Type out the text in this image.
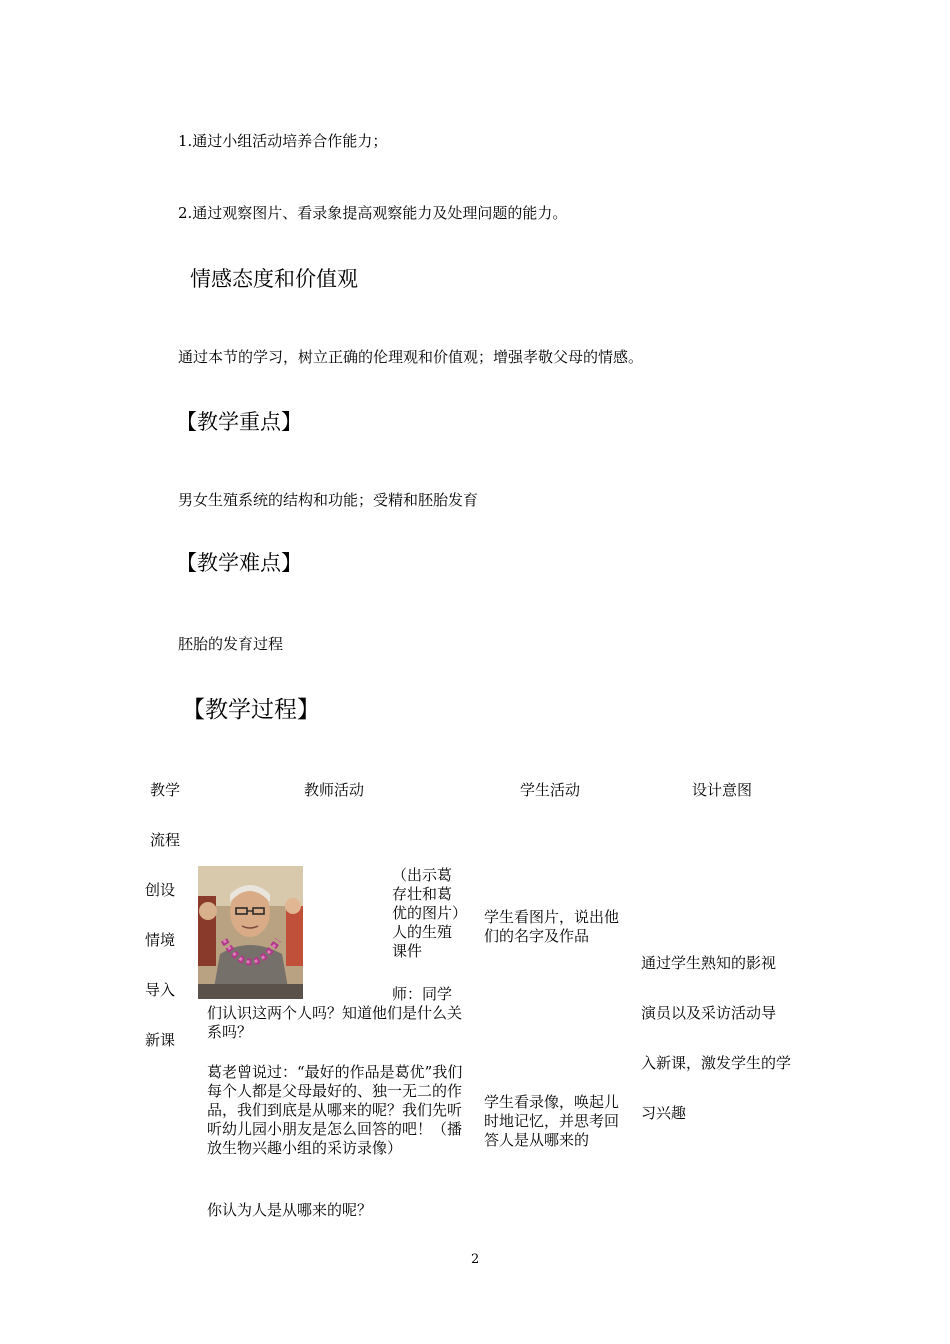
1.通过小组活动培养合作能力；
2.通过观察图片、看录象提高观察能力及处理问题的能力。
情感态度和价值观
通过本节的学习，树立正确的伦理观和价值观；增强孝敬父母的情感。
【教学重点】
男女生殖系统的结构和功能；受精和胚胎发育
【教学难点】
胚胎的发育过程
【教学过程】
教学
流程
教师活动	学生活动	设计意图
创设
情境
导入
新课
（出示葛存壮和葛优的图片）人的生殖课件
师：同学
们认识这两个人吗？知道他们是什么关系吗？
葛老曾说过：“最好的作品是葛优”我们每个人都是父母最好的、独一无二的作品，我们到底是从哪来的呢？我们先听听幼儿园小朋友是怎么回答的吧！（播放生物兴趣小组的采访录像）
你认为人是从哪来的呢？
学生看图片，说出他们的名字及作品
学生看录像，唤起儿时地记忆，并思考回答人是从哪来的
通过学生熟知的影视
演员以及采访活动导
入新课，激发学生的学
习兴趣
2
